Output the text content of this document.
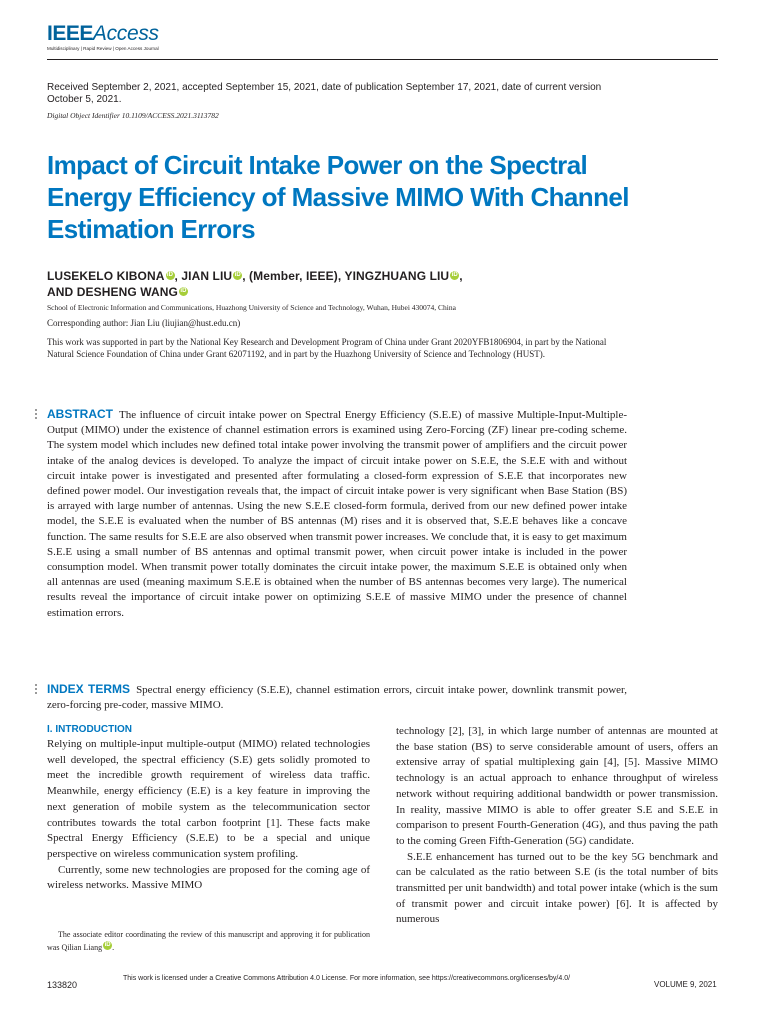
IEEEAccess
Multidisciplinary | Rapid Review | Open Access Journal
Received September 2, 2021, accepted September 15, 2021, date of publication September 17, 2021, date of current version October 5, 2021.
Digital Object Identifier 10.1109/ACCESS.2021.3113782
Impact of Circuit Intake Power on the Spectral Energy Efficiency of Massive MIMO With Channel Estimation Errors
LUSEKELO KIBONA iD, JIAN LIU iD, (Member, IEEE), YINGZHUANG LIU iD,
AND DESHENG WANG iD
School of Electronic Information and Communications, Huazhong University of Science and Technology, Wuhan, Hubei 430074, China
Corresponding author: Jian Liu (liujian@hust.edu.cn)
This work was supported in part by the National Key Research and Development Program of China under Grant 2020YFB1806904, in part by the National Natural Science Foundation of China under Grant 62071192, and in part by the Huazhong University of Science and Technology (HUST).
ABSTRACT The influence of circuit intake power on Spectral Energy Efficiency (S.E.E) of massive Multiple-Input-Multiple-Output (MIMO) under the existence of channel estimation errors is examined using Zero-Forcing (ZF) linear pre-coding scheme. The system model which includes new defined total intake power involving the transmit power of amplifiers and the circuit power intake of the analog devices is developed. To analyze the impact of circuit intake power on S.E.E, the S.E.E with and without circuit intake power is investigated and presented after formulating a closed-form expression of S.E.E that incorporates new defined power model. Our investigation reveals that, the impact of circuit intake power is very significant when Base Station (BS) is arrayed with large number of antennas. Using the new S.E.E closed-form formula, derived from our new defined power intake model, the S.E.E is evaluated when the number of BS antennas (M) rises and it is observed that, S.E.E behaves like a concave function. The same results for S.E.E are also observed when transmit power increases. We conclude that, it is easy to get maximum S.E.E using a small number of BS antennas and optimal transmit power, when circuit power intake is included in the power consumption model. When transmit power totally dominates the circuit intake power, the maximum S.E.E is obtained only when all antennas are used (meaning maximum S.E.E is obtained when the number of BS antennas becomes very large). The numerical results reveal the importance of circuit intake power on optimizing S.E.E of massive MIMO under the presence of channel estimation errors.
INDEX TERMS Spectral energy efficiency (S.E.E), channel estimation errors, circuit intake power, downlink transmit power, zero-forcing pre-coder, massive MIMO.
I. INTRODUCTION

Relying on multiple-input multiple-output (MIMO) related technologies well developed, the spectral efficiency (S.E) gets solidly promoted to meet the incredible growth requirement of wireless data traffic. Meanwhile, energy efficiency (E.E) is a key feature in improving the next generation of mobile system as the telecommunication sector contributes towards the total carbon footprint [1]. These facts make Spectral Energy Efficiency (S.E.E) to be a special and unique perspective on wireless communication system profiling.

Currently, some new technologies are proposed for the coming age of wireless networks. Massive MIMO

technology [2], [3], in which large number of antennas are mounted at the base station (BS) to serve considerable amount of users, offers an extensive array of spatial multiplexing gain [4], [5]. Massive MIMO technology is an actual approach to enhance throughput of wireless network without requiring additional bandwidth or power transmission. In reality, massive MIMO is able to offer greater S.E and S.E.E in comparison to present Fourth-Generation (4G), and thus paving the path to the coming Green Fifth-Generation (5G) candidate.

S.E.E enhancement has turned out to be the key 5G benchmark and can be calculated as the ratio between S.E (is the total number of bits transmitted per unit bandwidth) and total power intake (which is the sum of transmit power and circuit intake power) [6]. It is affected by numerous

The associate editor coordinating the review of this manuscript and approving it for publication was Qilian Liang iD .
133820
This work is licensed under a Creative Commons Attribution 4.0 License. For more information, see https://creativecommons.org/licenses/by/4.0/
VOLUME 9, 2021
